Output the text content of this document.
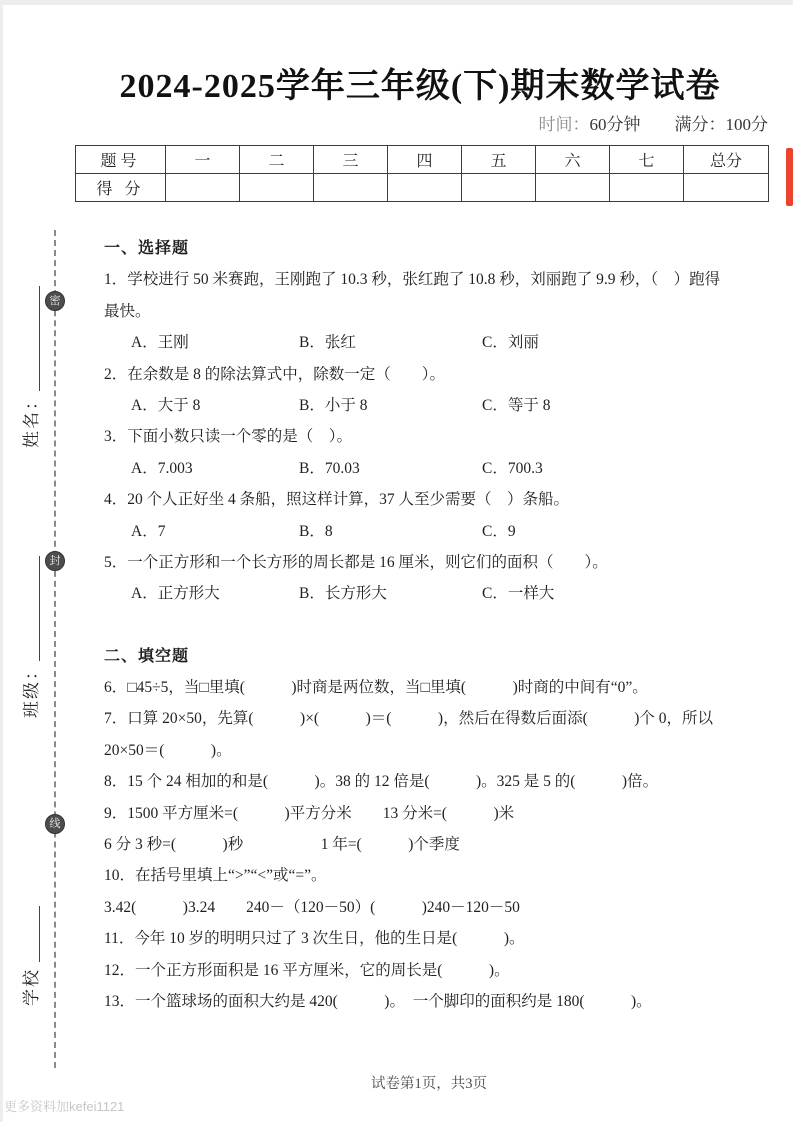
2024-2025学年三年级(下)期末数学试卷
时间：60分钟 满分：100分
题号	一	二	三	四	五	六	七	总分
得 分								
密
封
线
姓名：
班级：
学校
一、选择题
1．学校进行 50 米赛跑，王刚跑了 10.3 秒，张红跑了 10.8 秒，刘丽跑了 9.9 秒，（　）跑得
最快。
A．王刚	B．张红	C．刘丽
2．在余数是 8 的除法算式中，除数一定（　　）。
A．大于 8	B．小于 8	C．等于 8
3．下面小数只读一个零的是（　）。
A．7.003	B．70.03	C．700.3
4．20 个人正好坐 4 条船，照这样计算，37 人至少需要（　）条船。
A．7	B．8	C．9
5．一个正方形和一个长方形的周长都是 16 厘米，则它们的面积（　　）。
A．正方形大	B．长方形大	C．一样大
二、填空题
6．□45÷5，当□里填(　　　)时商是两位数，当□里填(　　　)时商的中间有“0”。
7．口算 20×50，先算(　　　)×(　　　)＝(　　　)，然后在得数后面添(　　　)个 0，所以
20×50＝(　　　)。
8．15 个 24 相加的和是(　　　)。38 的 12 倍是(　　　)。325 是 5 的(　　　)倍。
9．1500 平方厘米=(　　　)平方分米　　13 分米=(　　　)米
6 分 3 秒=(　　　)秒　　　　　1 年=(　　　)个季度
10．在括号里填上“>”“<”或“=”。
3.42(　　　)3.24　　240－（120－50）(　　　)240－120－50
11．今年 10 岁的明明只过了 3 次生日，他的生日是(　　　)。
12．一个正方形面积是 16 平方厘米，它的周长是(　　　)。
13．一个篮球场的面积大约是 420(　　　)。　一个脚印的面积约是 180(　　　)。
试卷第1页，共3页
更多资料加kefei1121
